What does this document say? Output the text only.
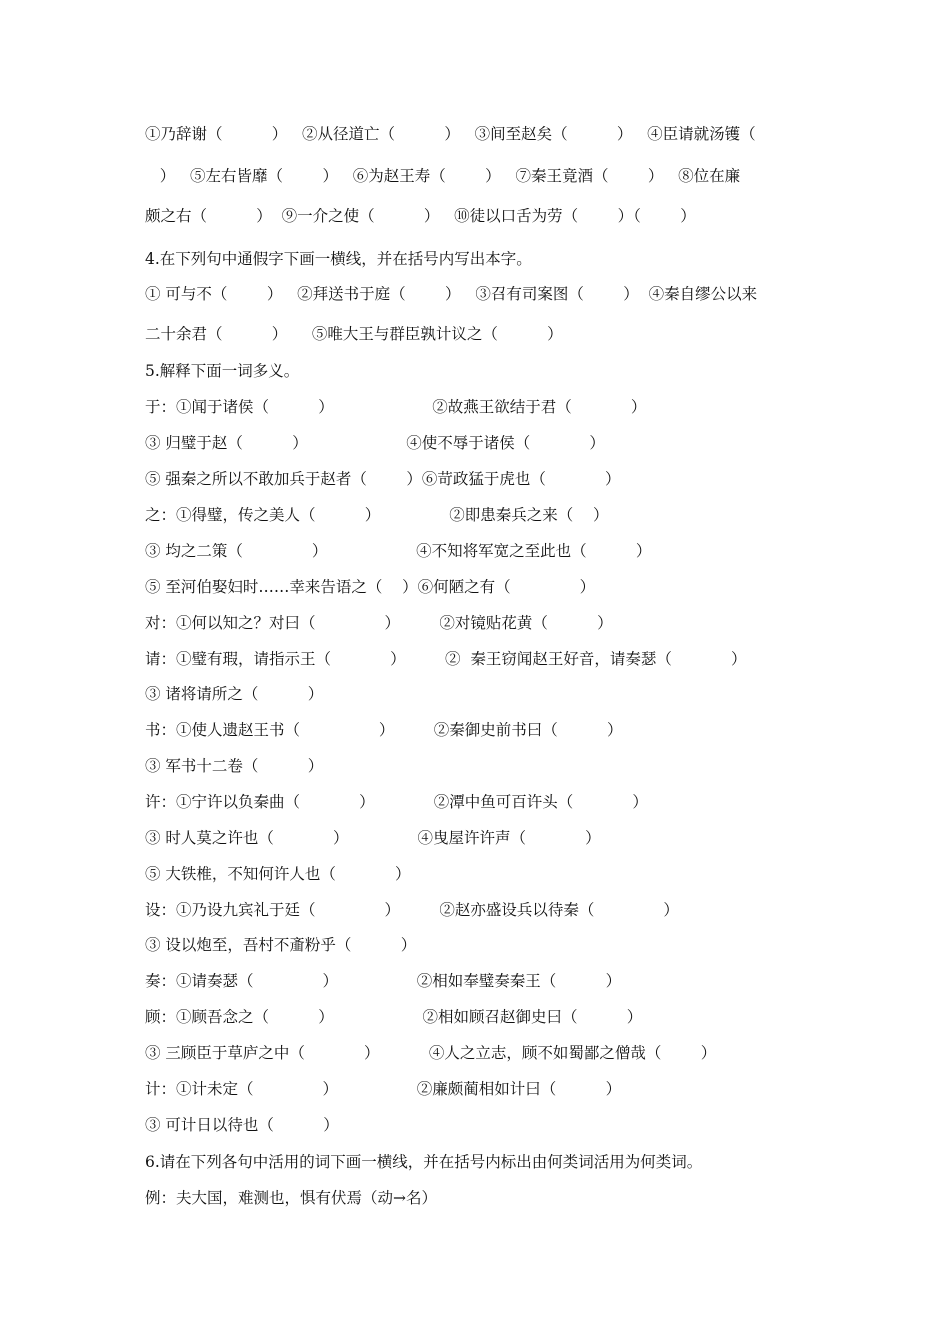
①乃辞谢（          ）   ②从径道亡（          ）   ③间至赵矣（          ）   ④臣请就汤镬（
）   ⑤左右皆靡（        ）   ⑥为赵王寿（        ）   ⑦秦王竟酒（        ）   ⑧位在廉
颇之右（          ）  ⑨一介之使（          ）   ⑩徒以口舌为劳（        ）（        ）
4.在下列句中通假字下画一横线，并在括号内写出本字。
① 可与不（        ）   ②拜送书于庭（        ）   ③召有司案图（        ）  ④秦自缪公以来
二十余君（          ）     ⑤唯大王与群臣孰计议之（          ）
5.解释下面一词多义。
于：①闻于诸侯（          ）                    ②故燕王欲结于君（            ）
③ 归璧于赵（          ）                    ④使不辱于诸侯（            ）
⑤ 强秦之所以不敢加兵于赵者（        ）⑥苛政猛于虎也（            ）
之：①得璧，传之美人（          ）              ②即患秦兵之来（    ）
③ 均之二策（              ）                  ④不知将军宽之至此也（          ）
⑤ 至河伯娶妇时……幸来告语之（    ）⑥何陋之有（              ）
对：①何以知之？对曰（              ）        ②对镜贴花黄（          ）
请：①璧有瑕，请指示王（            ）        ②  秦王窃闻赵王好音，请奏瑟（            ）
③ 诸将请所之（          ）
书：①使人遗赵王书（                ）        ②秦御史前书曰（          ）
③ 军书十二卷（          ）
许：①宁许以负秦曲（            ）            ②潭中鱼可百许头（            ）
③ 时人莫之许也（            ）              ④曳屋许许声（            ）
⑤ 大铁椎，不知何许人也（            ）
设：①乃设九宾礼于廷（              ）        ②赵亦盛设兵以待秦（              ）
③ 设以炮至，吾村不齑粉乎（          ）
奏：①请奏瑟（              ）                ②相如奉璧奏秦王（          ）
顾：①顾吾念之（          ）                  ②相如顾召赵御史曰（          ）
③ 三顾臣于草庐之中（            ）          ④人之立志，顾不如蜀鄙之僧哉（        ）
计：①计未定（              ）                ②廉颇蔺相如计曰（          ）
③ 可计日以待也（          ）
6.请在下列各句中活用的词下画一横线，并在括号内标出由何类词活用为何类词。
例：夫大国，难测也，惧有伏焉（动→名）
